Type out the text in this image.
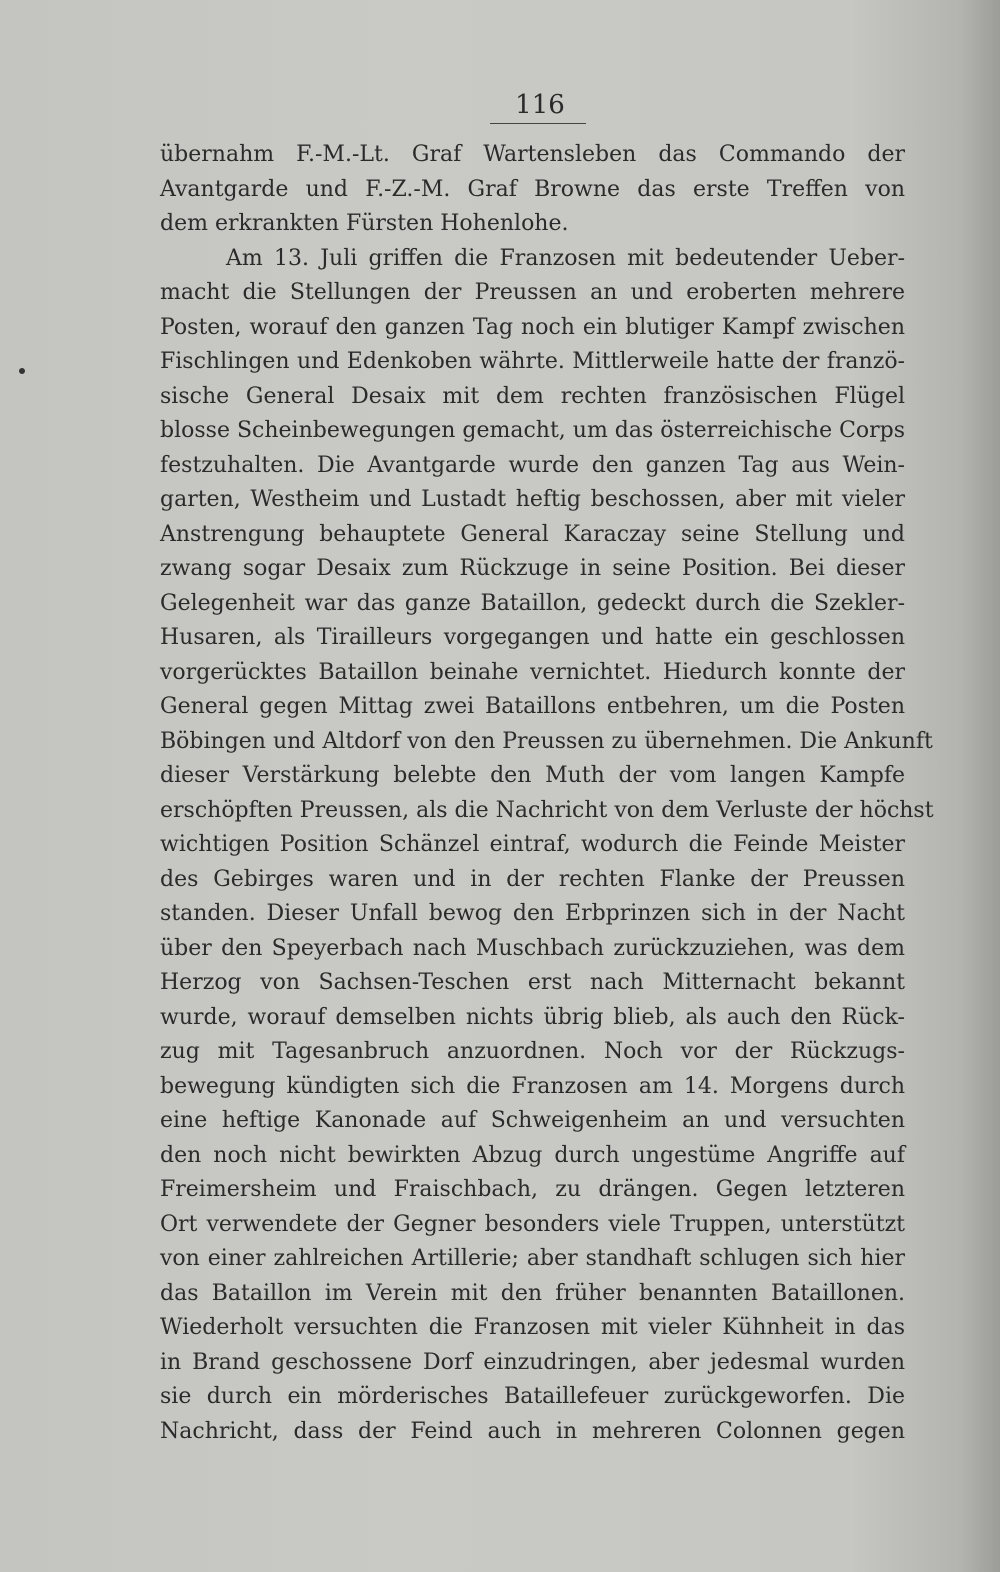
116
übernahm F.-M.-Lt. Graf Wartensleben das Commando der
Avantgarde und F.-Z.-M. Graf Browne das erste Treffen von
dem erkrankten Fürsten Hohenlohe.
Am 13. Juli griffen die Franzosen mit bedeutender Ueber-
macht die Stellungen der Preussen an und eroberten mehrere
Posten, worauf den ganzen Tag noch ein blutiger Kampf zwischen
Fischlingen und Edenkoben währte. Mittlerweile hatte der franzö-
sische General Desaix mit dem rechten französischen Flügel
blosse Scheinbewegungen gemacht, um das österreichische Corps
festzuhalten. Die Avantgarde wurde den ganzen Tag aus Wein-
garten, Westheim und Lustadt heftig beschossen, aber mit vieler
Anstrengung behauptete General Karaczay seine Stellung und
zwang sogar Desaix zum Rückzuge in seine Position. Bei dieser
Gelegenheit war das ganze Bataillon, gedeckt durch die Szekler-
Husaren, als Tirailleurs vorgegangen und hatte ein geschlossen
vorgerücktes Bataillon beinahe vernichtet. Hiedurch konnte der
General gegen Mittag zwei Bataillons entbehren, um die Posten
Böbingen und Altdorf von den Preussen zu übernehmen. Die Ankunft
dieser Verstärkung belebte den Muth der vom langen Kampfe
erschöpften Preussen, als die Nachricht von dem Verluste der höchst
wichtigen Position Schänzel eintraf, wodurch die Feinde Meister
des Gebirges waren und in der rechten Flanke der Preussen
standen. Dieser Unfall bewog den Erbprinzen sich in der Nacht
über den Speyerbach nach Muschbach zurückzuziehen, was dem
Herzog von Sachsen-Teschen erst nach Mitternacht bekannt
wurde, worauf demselben nichts übrig blieb, als auch den Rück-
zug mit Tagesanbruch anzuordnen. Noch vor der Rückzugs-
bewegung kündigten sich die Franzosen am 14. Morgens durch
eine heftige Kanonade auf Schweigenheim an und versuchten
den noch nicht bewirkten Abzug durch ungestüme Angriffe auf
Freimersheim und Fraischbach, zu drängen. Gegen letzteren
Ort verwendete der Gegner besonders viele Truppen, unterstützt
von einer zahlreichen Artillerie; aber standhaft schlugen sich hier
das Bataillon im Verein mit den früher benannten Bataillonen.
Wiederholt versuchten die Franzosen mit vieler Kühnheit in das
in Brand geschossene Dorf einzudringen, aber jedesmal wurden
sie durch ein mörderisches Bataillefeuer zurückgeworfen. Die
Nachricht, dass der Feind auch in mehreren Colonnen gegen
